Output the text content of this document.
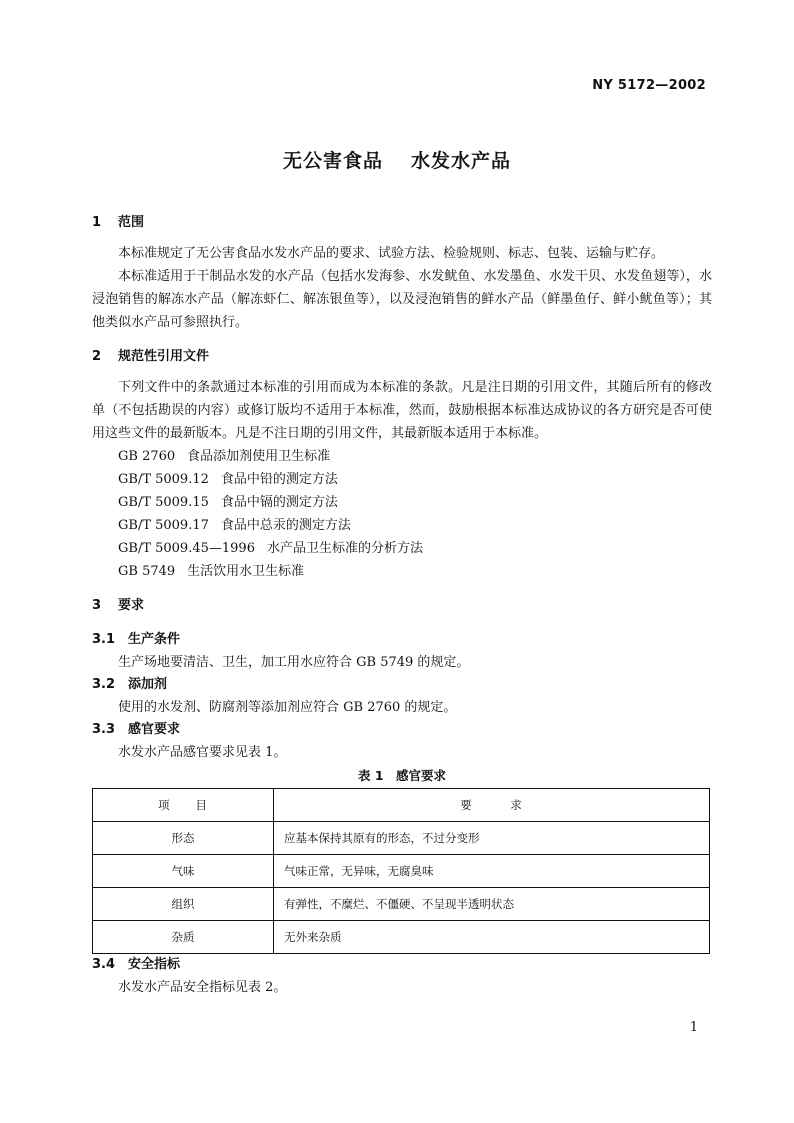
NY 5172—2002
无公害食品 水发水产品
1 范围

本标准规定了无公害食品水发水产品的要求、试验方法、检验规则、标志、包装、运输与贮存。

本标准适用于干制品水发的水产品（包括水发海参、水发鱿鱼、水发墨鱼、水发干贝、水发鱼翅等），水浸泡销售的解冻水产品（解冻虾仁、解冻银鱼等），以及浸泡销售的鲜水产品（鲜墨鱼仔、鲜小鱿鱼等）；其他类似水产品可参照执行。

2 规范性引用文件

下列文件中的条款通过本标准的引用而成为本标准的条款。凡是注日期的引用文件，其随后所有的修改单（不包括勘误的内容）或修订版均不适用于本标准，然而，鼓励根据本标准达成协议的各方研究是否可使用这些文件的最新版本。凡是不注日期的引用文件，其最新版本适用于本标准。

GB 2760 食品添加剂使用卫生标准
GB/T 5009.12 食品中铅的测定方法
GB/T 5009.15 食品中镉的测定方法
GB/T 5009.17 食品中总汞的测定方法
GB/T 5009.45—1996 水产品卫生标准的分析方法
GB 5749 生活饮用水卫生标准
3 要求
3.1 生产条件

生产场地要清洁、卫生，加工用水应符合 GB 5749 的规定。

3.2 添加剂

使用的水发剂、防腐剂等添加剂应符合 GB 2760 的规定。

3.3 感官要求

水发水产品感官要求见表 1。

表 1　感官要求
项　　目	要　　　求
形态	应基本保持其原有的形态，不过分变形
气味	气味正常，无异味，无腐臭味
组织	有弹性，不糜烂、不僵硬、不呈现半透明状态
杂质	无外来杂质
3.4 安全指标

水发水产品安全指标见表 2。

1
